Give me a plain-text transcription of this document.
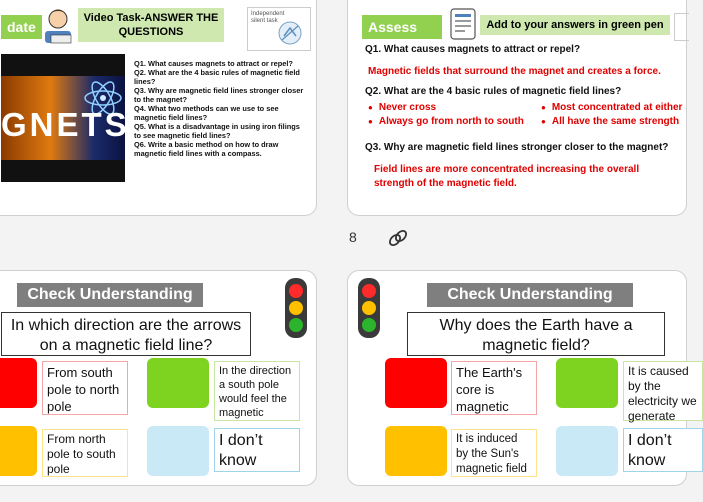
date
Video Task-ANSWER THE QUESTIONS
Independent silent task
GNETS
Q1. What causes magnets to attract or repel?
Q2. What are the 4 basic rules of magnetic field lines?
Q3. Why are magnetic field lines stronger closer to the magnet?
Q4. What two methods can we use to see magnetic field lines?
Q5. What is a disadvantage in using iron filings to see magnetic field lines?
Q6. Write a basic method on how to draw magnetic field lines with a compass.
Assess	Add to your answers in green pen
Q1. What causes magnets to attract or repel?
Magnetic fields that surround the magnet and creates a force.
Q2. What are the 4 basic rules of magnetic field lines?
● Never cross	● Most concentrated at either
● Always go from north to south	● All have the same strength
Q3. Why are magnetic field lines stronger closer to the magnet?
Field lines are more concentrated increasing the overall strength of the magnetic field.
8
Check Understanding
In which direction are the arrows on a magnetic field line?
From south pole to north pole
In the direction a south pole would feel the magnetic
From north pole to south pole
I don’t know
Check Understanding
Why does the Earth have a magnetic field?
The Earth's core is magnetic
It is caused by the electricity we generate
It is induced by the Sun's magnetic field
I don’t know
